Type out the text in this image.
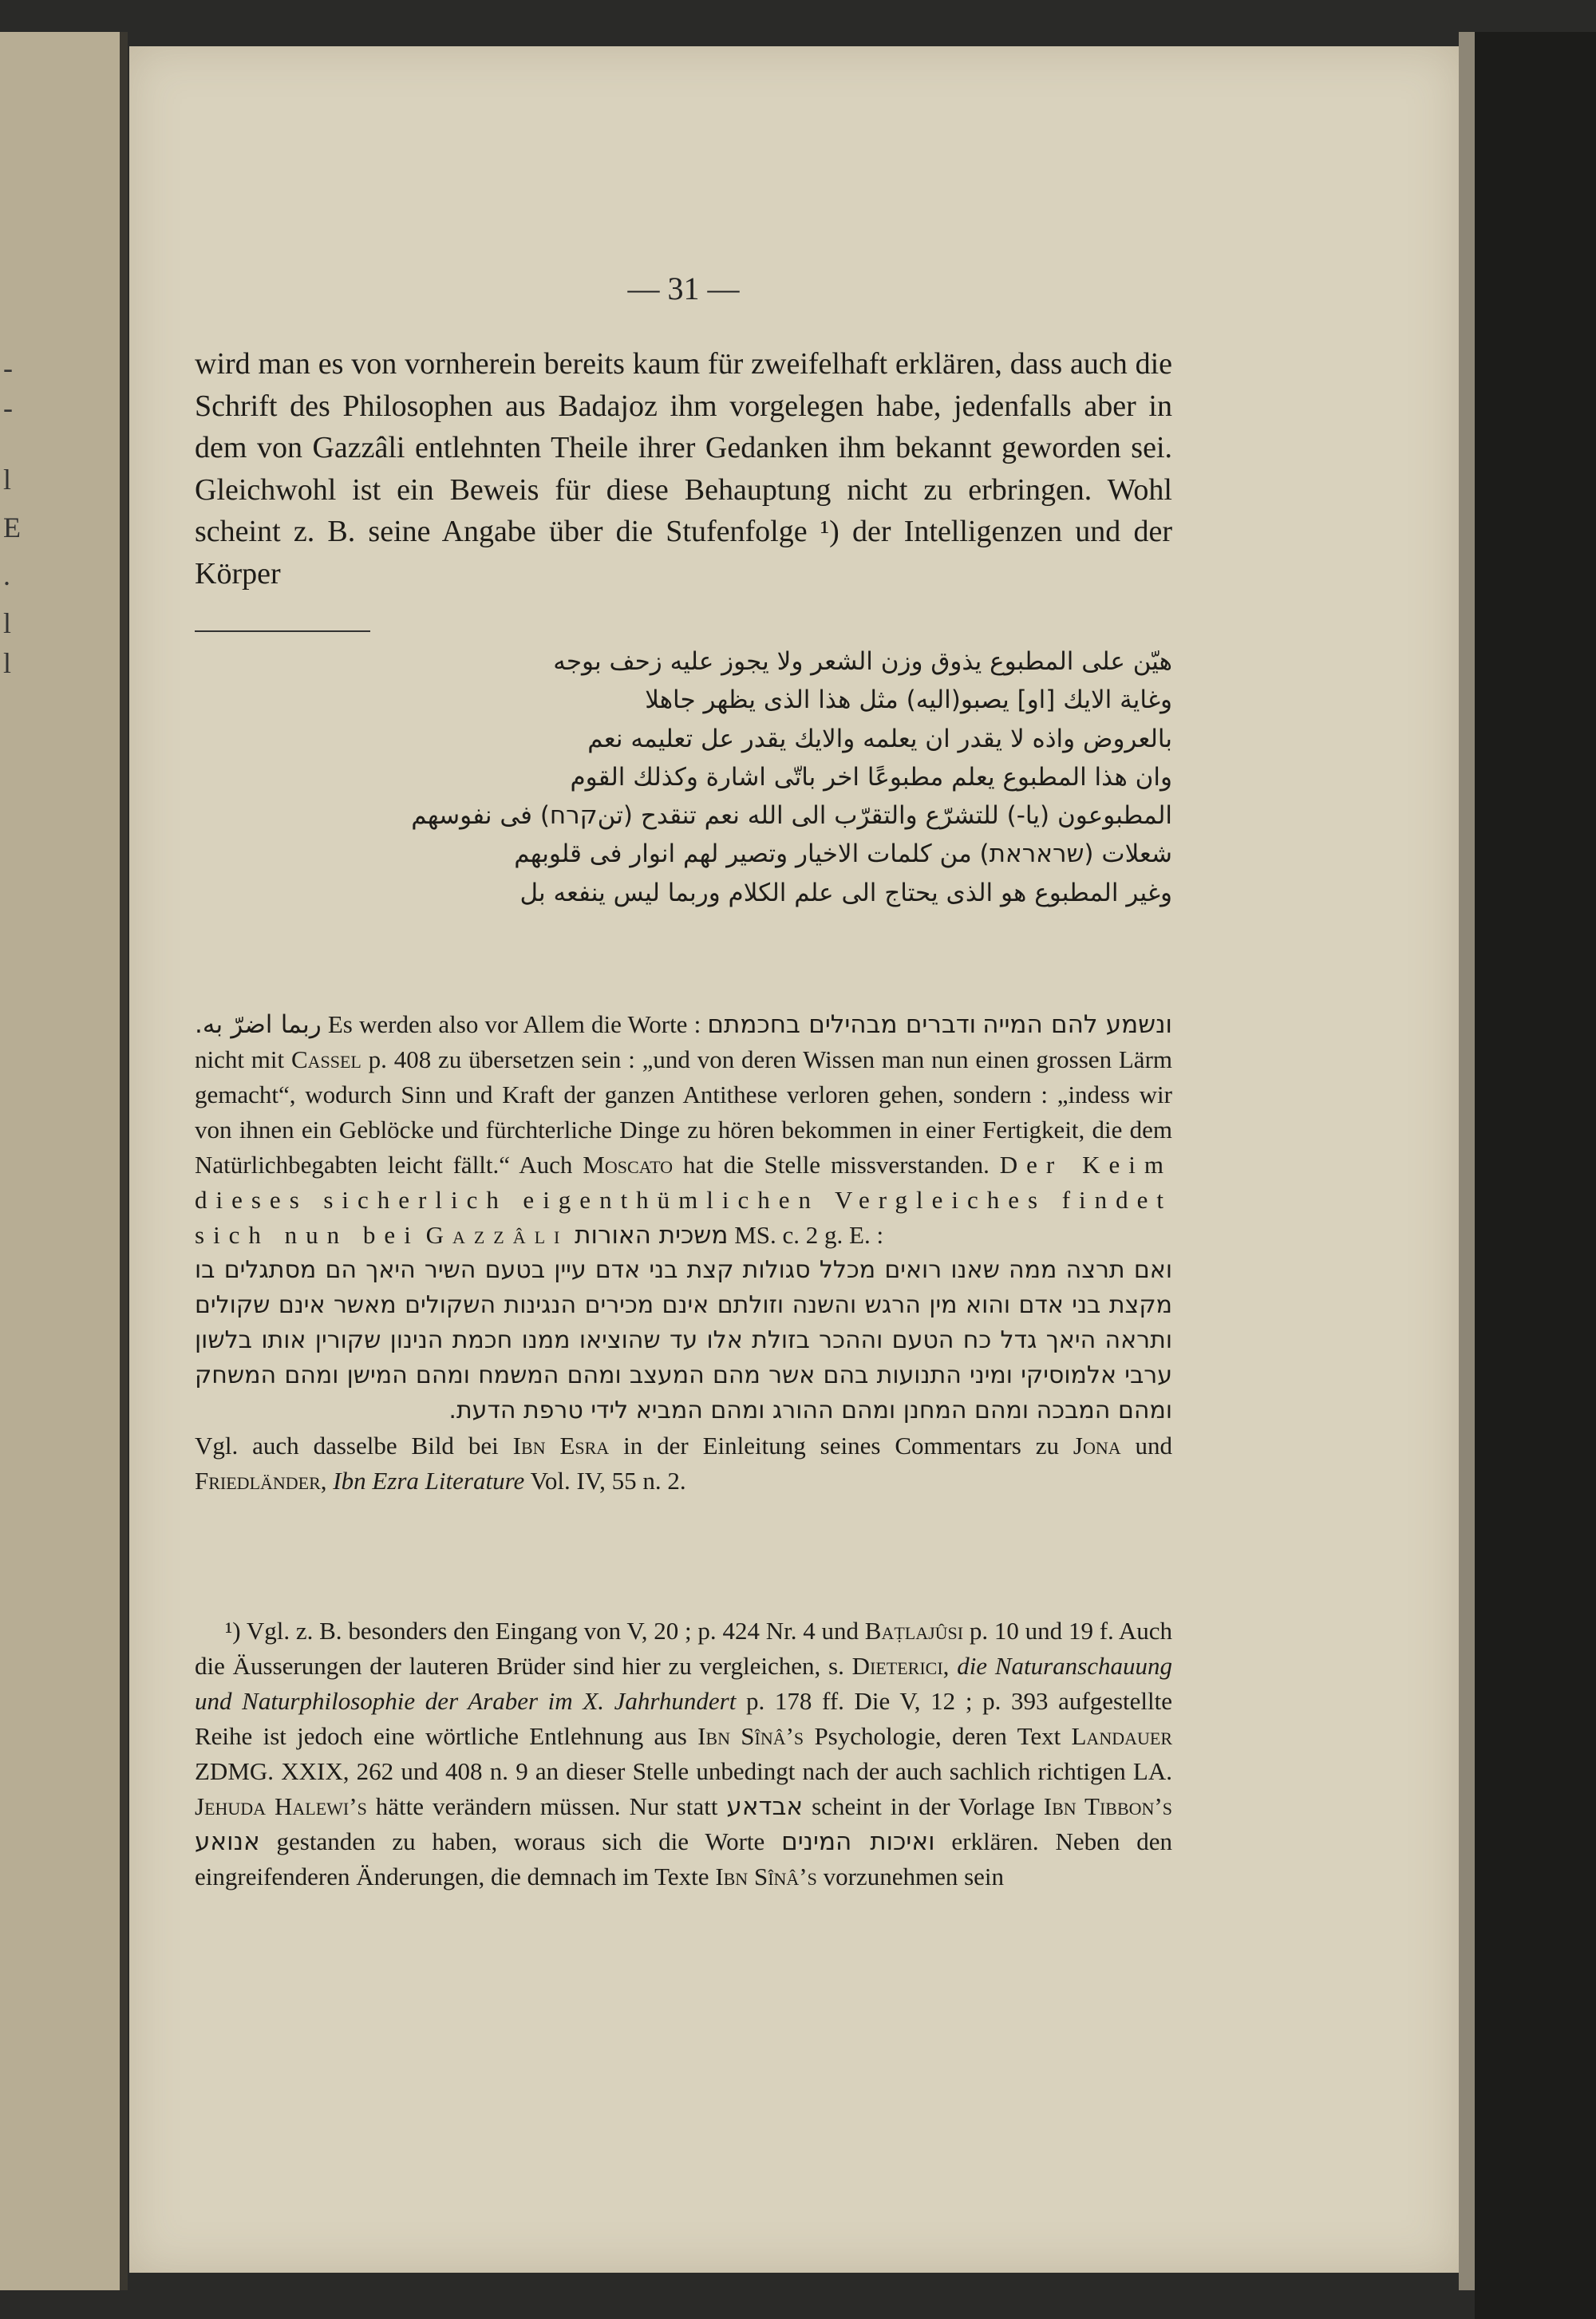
-
-
l
E
.
l
l
— 31 —

wird man es von vornherein bereits kaum für zweifelhaft erklären, dass auch die Schrift des Philosophen aus Badajoz ihm vorgelegen habe, jedenfalls aber in dem von Gazzâli entlehnten Theile ihrer Gedanken ihm bekannt geworden sei. Gleichwohl ist ein Beweis für diese Behauptung nicht zu erbringen. Wohl scheint z. B. seine Angabe über die Stufenfolge ¹) der Intelligenzen und der Körper

هيّن على المطبوع يذوق وزن الشعر ولا يجوز عليه زحف بوجه
وغاية الايك [او] يصبو(اليه) مثل هذا الذى يظهر جاهلا
بالعروض واذه لا يقدر ان يعلمه والايك يقدر عل تعليمه نعم
وان هذا المطبوع يعلم مطبوعًا اخر باتّى اشارة وكذلك القوم
المطبوعون (يا-) للتشرّع والتقرّب الى الله نعم تنقدح (تنקרח) فى نفوسهم
شعلات (שראראת) من كلمات الاخيار وتصير لهم انوار فى قلوبهم
وغير المطبوع هو الذى يحتاج الى علم الكلام وربما ليس ينفعه بل

ربما اضرّ به. Es werden also vor Allem die Worte :	ונשמע להם המייה ודברים מבהילים בחכמתם nicht mit Cassel p. 408 zu übersetzen sein : „und von deren Wissen man nun einen grossen Lärm gemacht“, wodurch Sinn und Kraft der ganzen Antithese verloren gehen, sondern : „indess wir von ihnen ein Geblöcke und fürchterliche Dinge zu hören bekommen in einer Fertigkeit, die dem Natürlichbegabten leicht fällt.“ Auch Moscato hat die Stelle missverstanden. Der Keim dieses sicherlich eigenthümlichen Vergleiches findet sich nun bei Gazzâli משכית האורות MS. c. 2 g. E. :

ואם תרצה ממה שאנו רואים מכלל סגולות קצת בני אדם עיין בטעם השיר היאך הם מסתגלים בו מקצת בני אדם והוא מין הרגש והשנה וזולתם אינם מכירים הנגינות השקולים מאשר אינם שקולים ותראה היאך גדל כח הטעם וההכר בזולת אלו עד שהוציאו ממנו חכמת הנינון שקורין אותו בלשון ערבי אלמוסיקי ומיני התנועות בהם אשר מהם המעצב ומהם המשמח ומהם המישן ומהם המשחק ומהם המבכה ומהם המחנן ומהם ההורג ומהם המביא לידי טרפת הדעת.

Vgl. auch dasselbe Bild bei Ibn Esra in der Einleitung seines Commentars zu Jona und Friedländer, Ibn Ezra Literature Vol. IV, 55 n. 2.

¹) Vgl. z. B. besonders den Eingang von V, 20 ; p. 424 Nr. 4 und Baṭlajûsi p. 10 und 19 f. Auch die Äusserungen der lauteren Brüder sind hier zu vergleichen, s. Dieterici, die Naturanschauung und Naturphilosophie der Araber im X. Jahrhundert p. 178 ff. Die V, 12 ; p. 393 aufgestellte Reihe ist jedoch eine wörtliche Entlehnung aus Ibn Sînâ’s Psychologie, deren Text Landauer ZDMG. XXIX, 262 und 408 n. 9 an dieser Stelle unbedingt nach der auch sachlich richtigen LA. Jehuda Halewi’s hätte verändern müssen. Nur statt אבדאע scheint in der Vorlage Ibn Tibbon’s אנואע gestanden zu haben, woraus sich die Worte ואיכות המינים erklären. Neben den eingreifenderen Änderungen, die demnach im Texte Ibn Sînâ’s vorzunehmen sein
